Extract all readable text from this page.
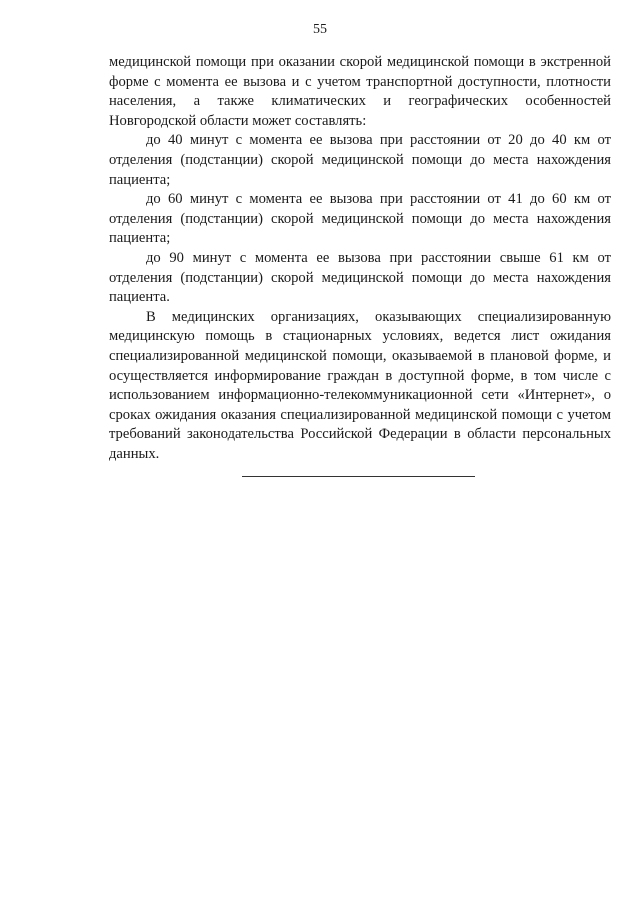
55

медицинской помощи при оказании скорой медицинской помощи в экстренной форме с момента ее вызова и с учетом транспортной доступности, плотности населения, а также климатических и географических особенностей Новгородской области может составлять:

до 40 минут с момента ее вызова при расстоянии от 20 до 40 км от отделения (подстанции) скорой медицинской помощи до места нахождения пациента;

до 60 минут с момента ее вызова при расстоянии от 41 до 60 км от отделения (подстанции) скорой медицинской помощи до места нахождения пациента;

до 90 минут с момента ее вызова при расстоянии свыше 61 км от отделения (подстанции) скорой медицинской помощи до места нахождения пациента.

В медицинских организациях, оказывающих специализированную медицинскую помощь в стационарных условиях, ведется лист ожидания специализированной медицинской помощи, оказываемой в плановой форме, и осуществляется информирование граждан в доступной форме, в том числе с использованием информационно-телекоммуникационной сети «Интернет», о сроках ожидания оказания специализированной медицинской помощи с учетом требований законодательства Российской Федерации в области персональных данных.
